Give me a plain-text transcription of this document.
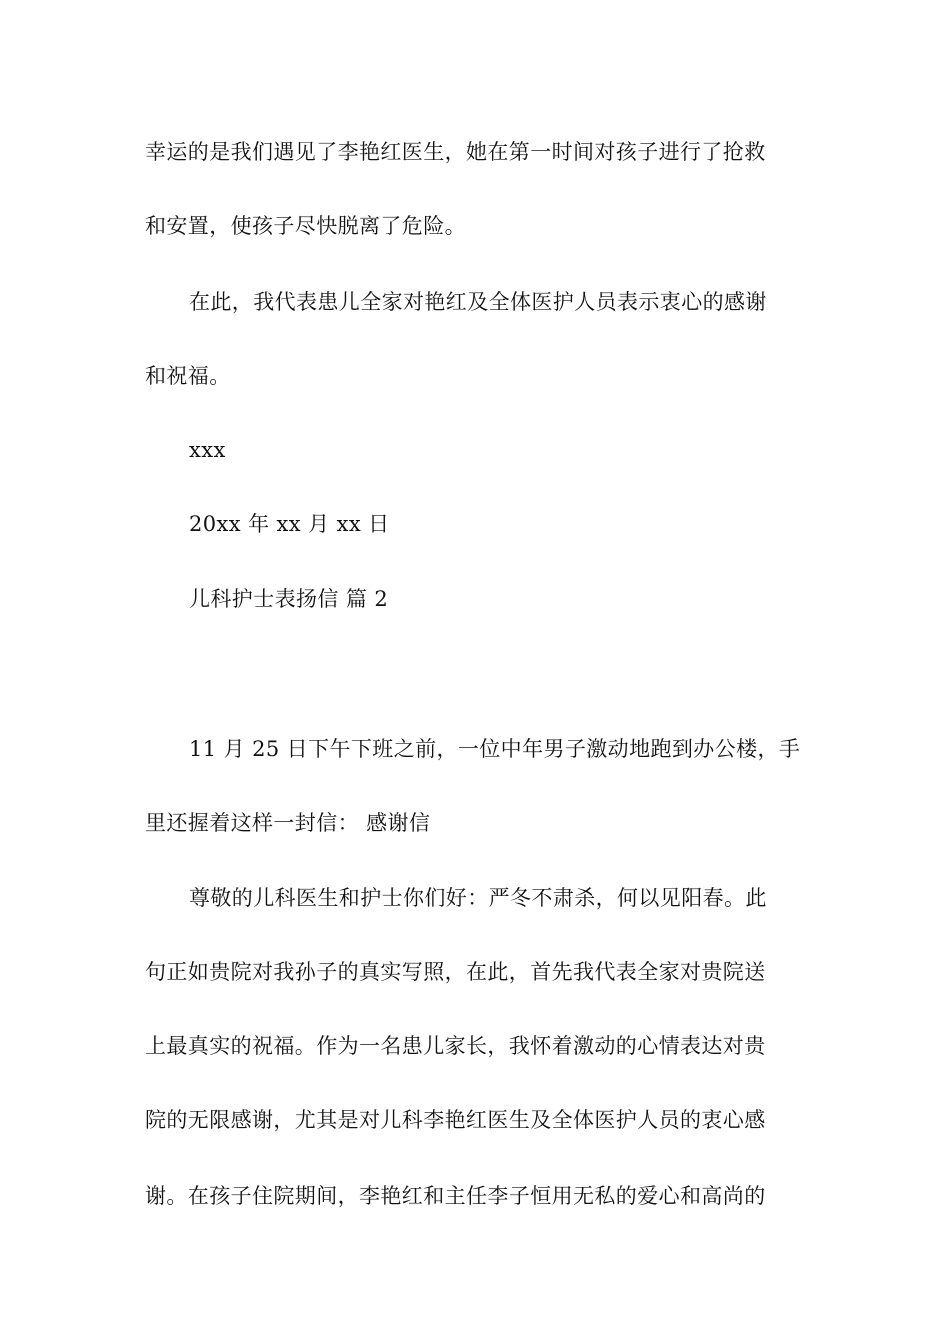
幸运的是我们遇见了李艳红医生，她在第一时间对孩子进行了抢救
和安置，使孩子尽快脱离了危险。
在此，我代表患儿全家对艳红及全体医护人员表示衷心的感谢
和祝福。
xxx
20xx 年 xx 月 xx 日
儿科护士表扬信 篇 2
11 月 25 日下午下班之前，一位中年男子激动地跑到办公楼，手
里还握着这样一封信： 感谢信
尊敬的儿科医生和护士你们好：严冬不肃杀，何以见阳春。此
句正如贵院对我孙子的真实写照，在此，首先我代表全家对贵院送
上最真实的祝福。作为一名患儿家长，我怀着激动的心情表达对贵
院的无限感谢，尤其是对儿科李艳红医生及全体医护人员的衷心感
谢。在孩子住院期间，李艳红和主任李子恒用无私的爱心和高尚的
